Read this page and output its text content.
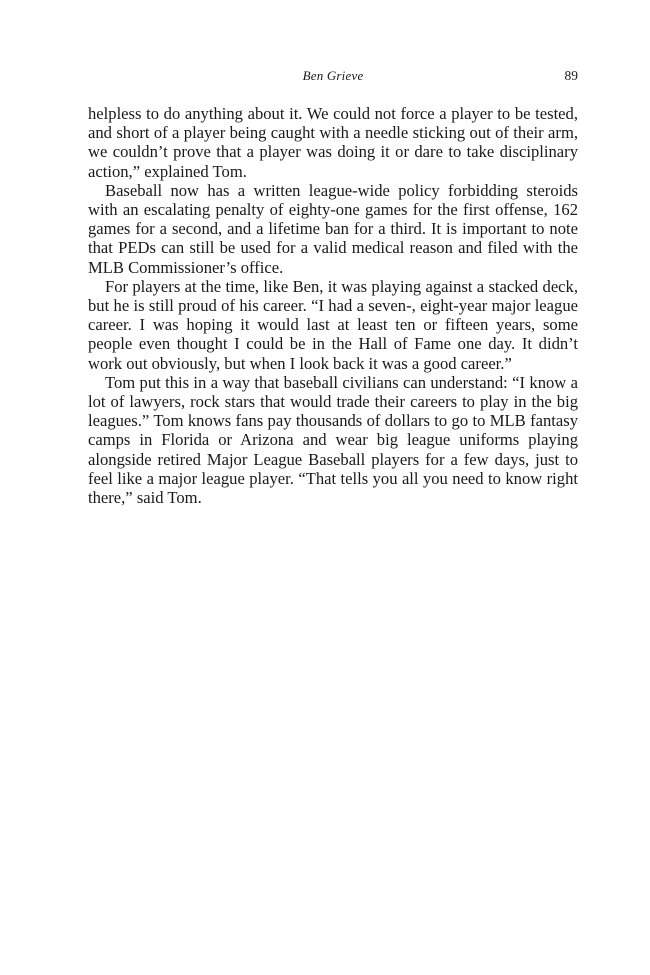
Ben Grieve	89

helpless to do anything about it. We could not force a player to be tested, and short of a player being caught with a needle sticking out of their arm, we couldn’t prove that a player was doing it or dare to take disciplinary action,” explained Tom.

Baseball now has a written league-wide policy forbidding steroids with an escalating penalty of eighty-one games for the first offense, 162 games for a second, and a lifetime ban for a third. It is important to note that PEDs can still be used for a valid medical reason and filed with the MLB Commissioner’s office.

For players at the time, like Ben, it was playing against a stacked deck, but he is still proud of his career. “I had a seven-, eight-year major league career. I was hoping it would last at least ten or fifteen years, some people even thought I could be in the Hall of Fame one day. It didn’t work out obviously, but when I look back it was a good career.”

Tom put this in a way that baseball civilians can understand: “I know a lot of lawyers, rock stars that would trade their careers to play in the big leagues.” Tom knows fans pay thousands of dollars to go to MLB fantasy camps in Florida or Arizona and wear big league uniforms playing alongside retired Major League Baseball players for a few days, just to feel like a major league player. “That tells you all you need to know right there,” said Tom.
